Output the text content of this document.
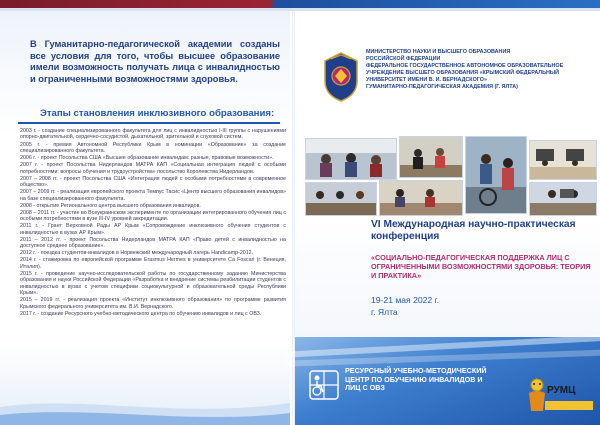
В Гуманитарно-педагогической академии созданы все условия для того, чтобы высшее образование имели возможность получать лица с инвалидностью и ограниченными возможностями здоровья.
Этапы становления инклюзивного образования:
2003 г. - создание специализированного факультета для лиц с инвалидностью I-III группы с нарушениями опорно-двигательной, сердечно-сосудистой, дыхательной, зрительной и слуховой систем.
2005 г. - премия Автономной Республики Крым в номинации «Образование» за создание специализированного факультета.
2006 г. - проект Посольства США «Высшее образование инвалидам: разные, правовые возможности».
2007 г. - проект Посольства Нидерландов МАТРА КАП «Социальная интеграция людей с особыми потребностями: вопросы обучения и трудоустройства» посольство Королевства Нидерландов.
2007 – 2008 гг. - проект Посольства США «Интеграция людей с особыми потребностями в современное общество».
2007 – 2009 гг. - реализация европейского проекта Темпус Тасис «Центр высшего образования инвалидов» на базе специализированного факультета.
2008 - открытие Регионального центра высшего образования инвалидов.
2008 – 2011 гг. - участие во Всеукраинском эксперименте по организации интегрированного обучения лиц с особыми потребностями в вузе III-IV уровней аккредитации.
2011 г. - Грант Верховной Рады АР Крым «Сопровождение инклюзивного обучения студентов с инвалидностью в вузах АР Крым».
2011 – 2012 гг. - проект Посольства Нидерландов МАТРА КАП «Право детей с инвалидностью на доступное среднее образование».
2012 г. - поездка студентов-инвалидов в Норвежский международный лагерь Handicamp-2012.
2014 г. - стажировка по европейской программе Erasmus Hermes в университете Ca Foscari (г. Венеция, Италия).
2015 г. - проведение научно-исследовательской работы по государственному заданию Министерства образования и науки Российской Федерации «Разработка и внедрение системы реабилитации студентов с инвалидностью в вузах с учетом специфики социокультурной и образовательной среды Республики Крым».
2015 – 2019 гг. - реализация проекта «Институт инклюзивного образования» по программе развития Крымского федерального университета им. В.И. Вернадского.
2017 г. - создание Ресурсного учебно-методического центра по обучению инвалидов и лиц с ОВЗ.
МИНИСТЕРСТВО НАУКИ И ВЫСШЕГО ОБРАЗОВАНИЯ
РОССИЙСКОЙ ФЕДЕРАЦИИ
ФЕДЕРАЛЬНОЕ ГОСУДАРСТВЕННОЕ АВТОНОМНОЕ ОБРАЗОВАТЕЛЬНОЕ
УЧРЕЖДЕНИЕ ВЫСШЕГО ОБРАЗОВАНИЯ «КРЫМСКИЙ ФЕДЕРАЛЬНЫЙ
УНИВЕРСИТЕТ ИМЕНИ В. И. ВЕРНАДСКОГО»
ГУМАНИТАРНО-ПЕДАГОГИЧЕСКАЯ АКАДЕМИЯ (Г. ЯЛТА)
VI Международная научно-практическая конференция
«СОЦИАЛЬНО-ПЕДАГОГИЧЕСКАЯ ПОДДЕРЖКА ЛИЦ С ОГРАНИЧЕННЫМИ ВОЗМОЖНОСТЯМИ ЗДОРОВЬЯ: ТЕОРИЯ И ПРАКТИКА»
19-21 мая 2022 г.
г. Ялта
РЕСУРСНЫЙ УЧЕБНО-МЕТОДИЧЕСКИЙ ЦЕНТР ПО ОБУЧЕНИЮ ИНВАЛИДОВ И ЛИЦ С ОВЗ	РУМЦ
